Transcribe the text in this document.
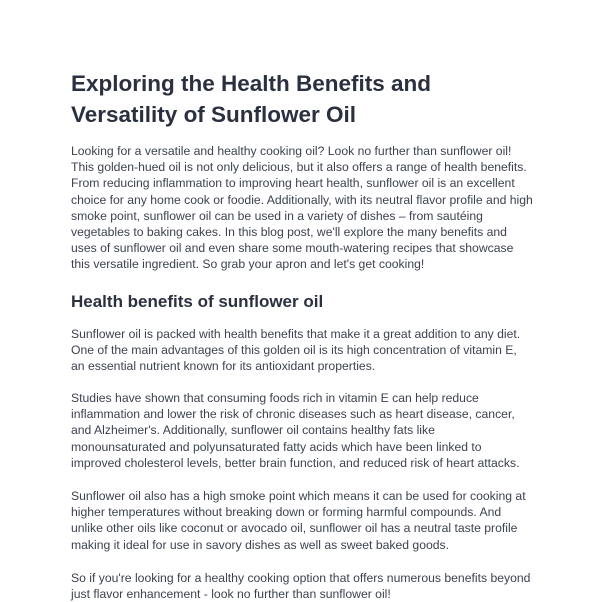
Exploring the Health Benefits and Versatility of Sunflower Oil

Looking for a versatile and healthy cooking oil? Look no further than sunflower oil! This golden-hued oil is not only delicious, but it also offers a range of health benefits. From reducing inflammation to improving heart health, sunflower oil is an excellent choice for any home cook or foodie. Additionally, with its neutral flavor profile and high smoke point, sunflower oil can be used in a variety of dishes – from sautéing vegetables to baking cakes. In this blog post, we'll explore the many benefits and uses of sunflower oil and even share some mouth-watering recipes that showcase this versatile ingredient. So grab your apron and let's get cooking!

Health benefits of sunflower oil

Sunflower oil is packed with health benefits that make it a great addition to any diet. One of the main advantages of this golden oil is its high concentration of vitamin E, an essential nutrient known for its antioxidant properties.

Studies have shown that consuming foods rich in vitamin E can help reduce inflammation and lower the risk of chronic diseases such as heart disease, cancer, and Alzheimer's. Additionally, sunflower oil contains healthy fats like monounsaturated and polyunsaturated fatty acids which have been linked to improved cholesterol levels, better brain function, and reduced risk of heart attacks.

Sunflower oil also has a high smoke point which means it can be used for cooking at higher temperatures without breaking down or forming harmful compounds. And unlike other oils like coconut or avocado oil, sunflower oil has a neutral taste profile making it ideal for use in savory dishes as well as sweet baked goods.

So if you're looking for a healthy cooking option that offers numerous benefits beyond just flavor enhancement - look no further than sunflower oil!
